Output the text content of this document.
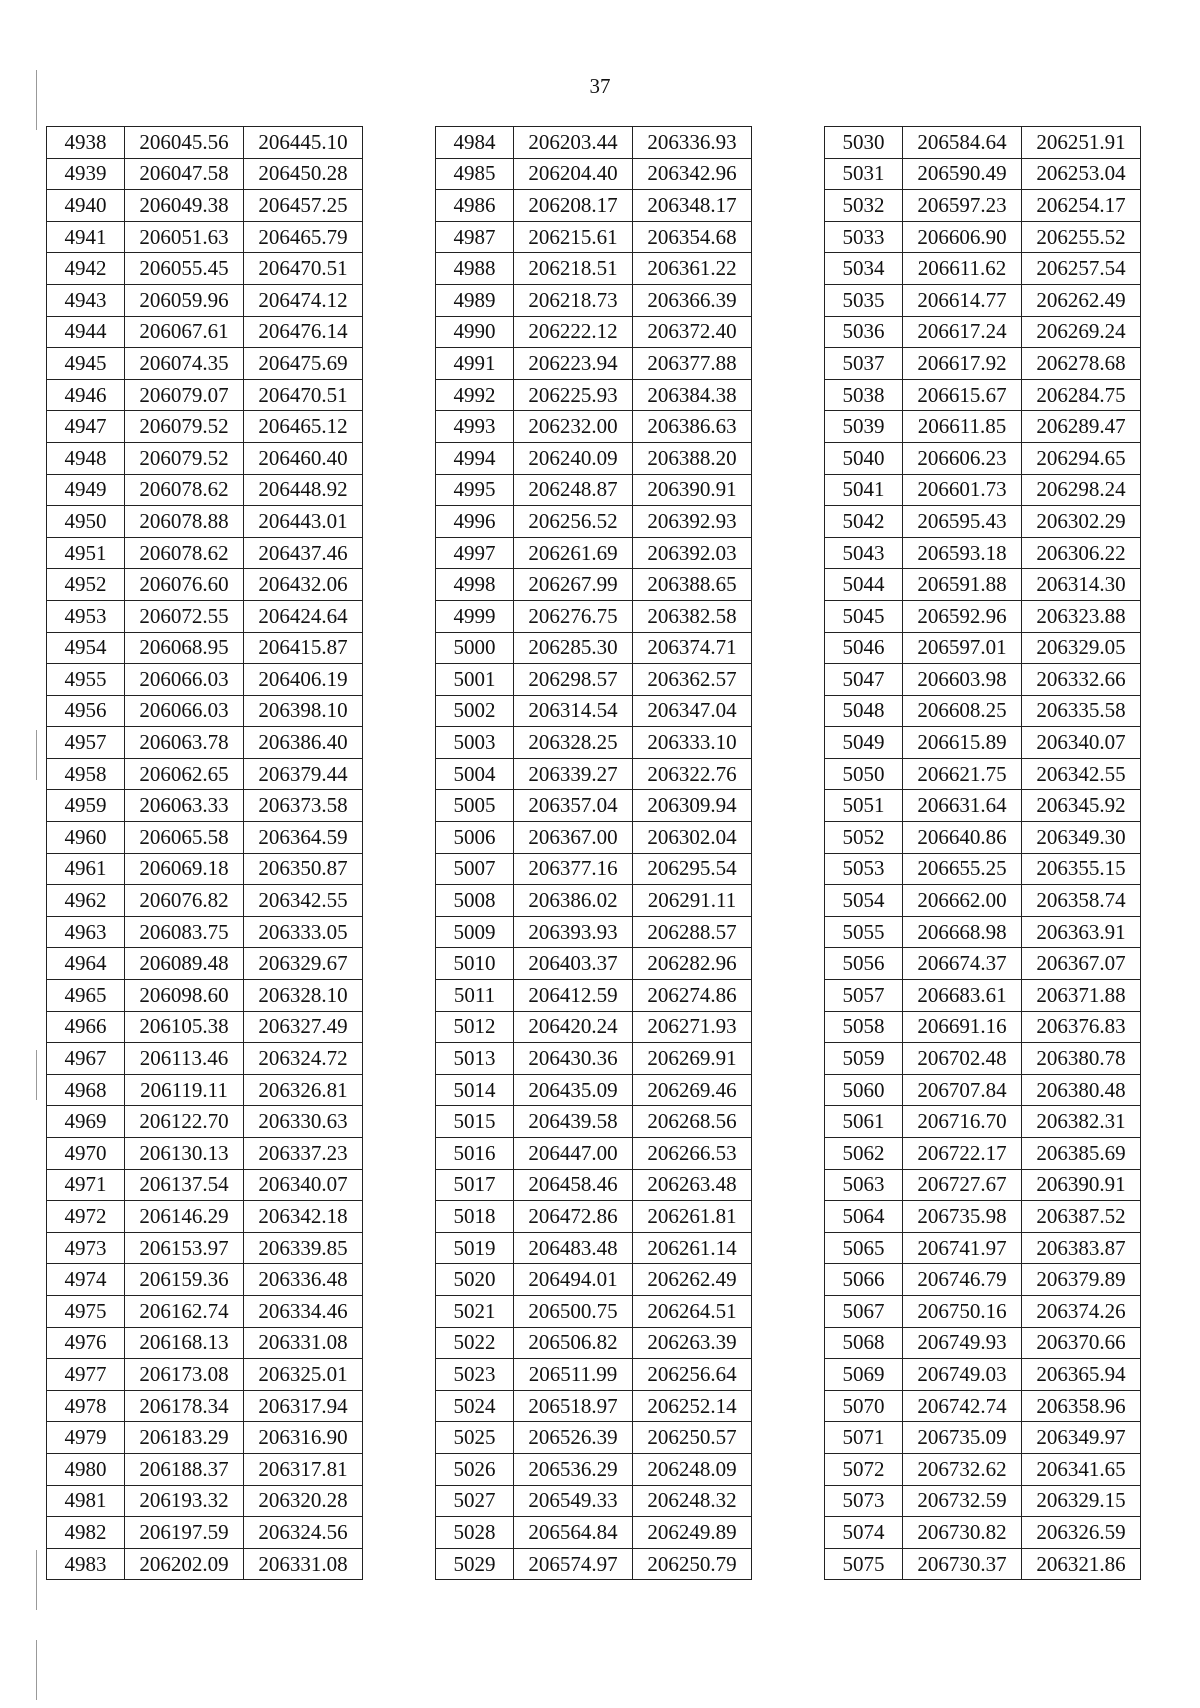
37
4938	206045.56	206445.10
4939	206047.58	206450.28
4940	206049.38	206457.25
4941	206051.63	206465.79
4942	206055.45	206470.51
4943	206059.96	206474.12
4944	206067.61	206476.14
4945	206074.35	206475.69
4946	206079.07	206470.51
4947	206079.52	206465.12
4948	206079.52	206460.40
4949	206078.62	206448.92
4950	206078.88	206443.01
4951	206078.62	206437.46
4952	206076.60	206432.06
4953	206072.55	206424.64
4954	206068.95	206415.87
4955	206066.03	206406.19
4956	206066.03	206398.10
4957	206063.78	206386.40
4958	206062.65	206379.44
4959	206063.33	206373.58
4960	206065.58	206364.59
4961	206069.18	206350.87
4962	206076.82	206342.55
4963	206083.75	206333.05
4964	206089.48	206329.67
4965	206098.60	206328.10
4966	206105.38	206327.49
4967	206113.46	206324.72
4968	206119.11	206326.81
4969	206122.70	206330.63
4970	206130.13	206337.23
4971	206137.54	206340.07
4972	206146.29	206342.18
4973	206153.97	206339.85
4974	206159.36	206336.48
4975	206162.74	206334.46
4976	206168.13	206331.08
4977	206173.08	206325.01
4978	206178.34	206317.94
4979	206183.29	206316.90
4980	206188.37	206317.81
4981	206193.32	206320.28
4982	206197.59	206324.56
4983	206202.09	206331.08
4984	206203.44	206336.93
4985	206204.40	206342.96
4986	206208.17	206348.17
4987	206215.61	206354.68
4988	206218.51	206361.22
4989	206218.73	206366.39
4990	206222.12	206372.40
4991	206223.94	206377.88
4992	206225.93	206384.38
4993	206232.00	206386.63
4994	206240.09	206388.20
4995	206248.87	206390.91
4996	206256.52	206392.93
4997	206261.69	206392.03
4998	206267.99	206388.65
4999	206276.75	206382.58
5000	206285.30	206374.71
5001	206298.57	206362.57
5002	206314.54	206347.04
5003	206328.25	206333.10
5004	206339.27	206322.76
5005	206357.04	206309.94
5006	206367.00	206302.04
5007	206377.16	206295.54
5008	206386.02	206291.11
5009	206393.93	206288.57
5010	206403.37	206282.96
5011	206412.59	206274.86
5012	206420.24	206271.93
5013	206430.36	206269.91
5014	206435.09	206269.46
5015	206439.58	206268.56
5016	206447.00	206266.53
5017	206458.46	206263.48
5018	206472.86	206261.81
5019	206483.48	206261.14
5020	206494.01	206262.49
5021	206500.75	206264.51
5022	206506.82	206263.39
5023	206511.99	206256.64
5024	206518.97	206252.14
5025	206526.39	206250.57
5026	206536.29	206248.09
5027	206549.33	206248.32
5028	206564.84	206249.89
5029	206574.97	206250.79
5030	206584.64	206251.91
5031	206590.49	206253.04
5032	206597.23	206254.17
5033	206606.90	206255.52
5034	206611.62	206257.54
5035	206614.77	206262.49
5036	206617.24	206269.24
5037	206617.92	206278.68
5038	206615.67	206284.75
5039	206611.85	206289.47
5040	206606.23	206294.65
5041	206601.73	206298.24
5042	206595.43	206302.29
5043	206593.18	206306.22
5044	206591.88	206314.30
5045	206592.96	206323.88
5046	206597.01	206329.05
5047	206603.98	206332.66
5048	206608.25	206335.58
5049	206615.89	206340.07
5050	206621.75	206342.55
5051	206631.64	206345.92
5052	206640.86	206349.30
5053	206655.25	206355.15
5054	206662.00	206358.74
5055	206668.98	206363.91
5056	206674.37	206367.07
5057	206683.61	206371.88
5058	206691.16	206376.83
5059	206702.48	206380.78
5060	206707.84	206380.48
5061	206716.70	206382.31
5062	206722.17	206385.69
5063	206727.67	206390.91
5064	206735.98	206387.52
5065	206741.97	206383.87
5066	206746.79	206379.89
5067	206750.16	206374.26
5068	206749.93	206370.66
5069	206749.03	206365.94
5070	206742.74	206358.96
5071	206735.09	206349.97
5072	206732.62	206341.65
5073	206732.59	206329.15
5074	206730.82	206326.59
5075	206730.37	206321.86
